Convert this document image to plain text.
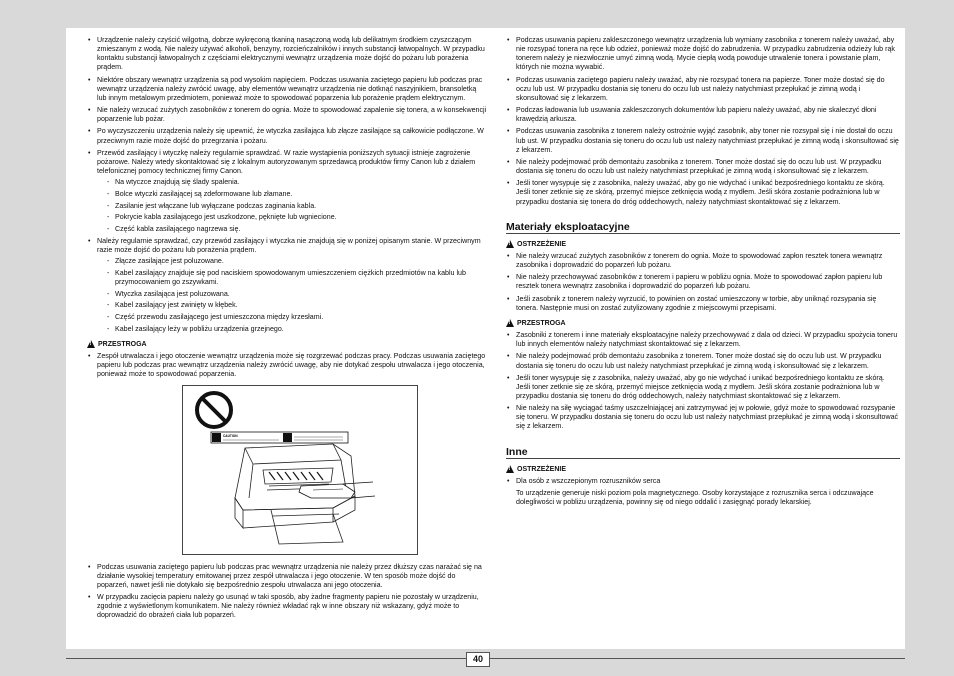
• Urządzenie należy czyścić wilgotną, dobrze wykręconą tkaniną nasączoną wodą lub delikatnym środkiem czyszczącym zmieszanym z wodą. Nie należy używać alkoholi, benzyny, rozcieńczalników i innych substancji łatwopalnych. W przypadku kontaktu substancji łatwopalnych z częściami elektrycznymi wewnątrz urządzenia może dojść do pożaru lub porażenia prądem.
• Niektóre obszary wewnątrz urządzenia są pod wysokim napięciem. Podczas usuwania zaciętego papieru lub podczas prac wewnątrz urządzenia należy zwrócić uwagę, aby elementów wewnątrz urządzenia nie dotknąć naszyjnikiem, bransoletką lub innym metalowym przedmiotem, ponieważ może to spowodować poparzenia lub porażenie prądem elektrycznym.
• Nie należy wrzucać zużytych zasobników z tonerem do ognia. Może to spowodować zapalenie się tonera, a w konsekwencji poparzenie lub pożar.
• Po wyczyszczeniu urządzenia należy się upewnić, że wtyczka zasilająca lub złącze zasilające są całkowicie podłączone. W przeciwnym razie może dojść do przegrzania i pożaru.
• Przewód zasilający i wtyczkę należy regularnie sprawdzać. W razie wystąpienia poniższych sytuacji istnieje zagrożenie pożarowe. Należy wtedy skontaktować się z lokalnym autoryzowanym sprzedawcą produktów firmy Canon lub z działem telefonicznej pomocy technicznej firmy Canon.
- Na wtyczce znajdują się ślady spalenia.
- Bolce wtyczki zasilającej są zdeformowane lub złamane.
- Zasilanie jest włączane lub wyłączane podczas zaginania kabla.
- Pokrycie kabla zasilającego jest uszkodzone, pęknięte lub wgniecione.
- Część kabla zasilającego nagrzewa się.
• Należy regularnie sprawdzać, czy przewód zasilający i wtyczka nie znajdują się w poniżej opisanym stanie. W przeciwnym razie może dojść do pożaru lub porażenia prądem.
- Złącze zasilające jest poluzowane.
- Kabel zasilający znajduje się pod naciskiem spowodowanym umieszczeniem ciężkich przedmiotów na kablu lub przymocowaniem go zszywkami.
- Wtyczka zasilająca jest poluzowana.
- Kabel zasilający jest zwinięty w kłębek.
- Część przewodu zasilającego jest umieszczona między krzesłami.
- Kabel zasilający leży w pobliżu urządzenia grzejnego.
! PRZESTROGA
• Zespół utrwalacza i jego otoczenie wewnątrz urządzenia może się rozgrzewać podczas pracy. Podczas usuwania zaciętego papieru lub podczas prac wewnątrz urządzenia należy zwrócić uwagę, aby nie dotykać zespołu utrwalacza i jego otoczenia, ponieważ może to spowodować poparzenia.
CAUTION
• Podczas usuwania zaciętego papieru lub podczas prac wewnątrz urządzenia nie należy przez dłuższy czas narażać się na działanie wysokiej temperatury emitowanej przez zespół utrwalacza i jego otoczenie. W ten sposób może dojść do poparzeń, nawet jeśli nie dotykało się bezpośrednio zespołu utrwalacza ani jego otoczenia.
• W przypadku zacięcia papieru należy go usunąć w taki sposób, aby żadne fragmenty papieru nie pozostały w urządzeniu, zgodnie z wyświetlonym komunikatem. Nie należy również wkładać rąk w inne obszary niż wskazany, gdyż może to doprowadzić do obrażeń ciała lub poparzeń.
• Podczas usuwania papieru zakleszczonego wewnątrz urządzenia lub wymiany zasobnika z tonerem należy uważać, aby nie rozsypać tonera na ręce lub odzież, ponieważ może dojść do zabrudzenia. W przypadku zabrudzenia odzieży lub rąk tonerem należy je niezwłocznie umyć zimną wodą. Mycie ciepłą wodą powoduje utrwalenie tonera i powstanie plam, których nie można wywabić.
• Podczas usuwania zaciętego papieru należy uważać, aby nie rozsypać tonera na papierze. Toner może dostać się do oczu lub ust. W przypadku dostania się toneru do oczu lub ust należy natychmiast przepłukać je zimną wodą i skonsultować się z lekarzem.
• Podczas ładowania lub usuwania zakleszczonych dokumentów lub papieru należy uważać, aby nie skaleczyć dłoni krawędzią arkusza.
• Podczas usuwania zasobnika z tonerem należy ostrożnie wyjąć zasobnik, aby toner nie rozsypał się i nie dostał do oczu lub ust. W przypadku dostania się toneru do oczu lub ust należy natychmiast przepłukać je zimną wodą i skonsultować się z lekarzem.
• Nie należy podejmować prób demontażu zasobnika z tonerem. Toner może dostać się do oczu lub ust. W przypadku dostania się toneru do oczu lub ust należy natychmiast przepłukać je zimną wodą i skonsultować się z lekarzem.
• Jeśli toner wysypuje się z zasobnika, należy uważać, aby go nie wdychać i unikać bezpośredniego kontaktu ze skórą. Jeśli toner zetknie się ze skórą, przemyć miejsce zetknięcia wodą z mydłem. Jeśli skóra zostanie podrażniona lub w przypadku dostania się tonera do dróg oddechowych, należy natychmiast skontaktować się z lekarzem.
Materiały eksploatacyjne
! OSTRZEŻENIE
• Nie należy wrzucać zużytych zasobników z tonerem do ognia. Może to spowodować zapłon resztek tonera wewnątrz zasobnika i doprowadzić do poparzeń lub pożaru.
• Nie należy przechowywać zasobników z tonerem i papieru w pobliżu ognia. Może to spowodować zapłon papieru lub resztek tonera wewnątrz zasobnika i doprowadzić do poparzeń lub pożaru.
• Jeśli zasobnik z tonerem należy wyrzucić, to powinien on zostać umieszczony w torbie, aby uniknąć rozsypania się tonera. Następnie musi on zostać zutylizowany zgodnie z miejscowymi przepisami.
! PRZESTROGA
• Zasobniki z tonerem i inne materiały eksploatacyjne należy przechowywać z dala od dzieci. W przypadku spożycia toneru lub innych elementów należy natychmiast skontaktować się z lekarzem.
• Nie należy podejmować prób demontażu zasobnika z tonerem. Toner może dostać się do oczu lub ust. W przypadku dostania się toneru do oczu lub ust należy natychmiast przepłukać je zimną wodą i skonsultować się z lekarzem.
• Jeśli toner wysypuje się z zasobnika, należy uważać, aby go nie wdychać i unikać bezpośredniego kontaktu ze skórą. Jeśli toner zetknie się ze skórą, przemyć miejsce zetknięcia wodą z mydłem. Jeśli skóra zostanie podrażniona lub w przypadku dostania się toneru do dróg oddechowych, należy natychmiast skontaktować się z lekarzem.
• Nie należy na siłę wyciągać taśmy uszczelniającej ani zatrzymywać jej w połowie, gdyż może to spowodować rozsypanie się toneru. W przypadku dostania się toneru do oczu lub ust należy natychmiast przepłukać je zimną wodą i skonsultować się z lekarzem.
Inne
! OSTRZEŻENIE
• Dla osób z wszczepionym rozruszników serca
To urządzenie generuje niski poziom pola magnetycznego. Osoby korzystające z rozrusznika serca i odczuwające dolegliwości w pobliżu urządzenia, powinny się od niego oddalić i zasięgnąć porady lekarskiej.
40
